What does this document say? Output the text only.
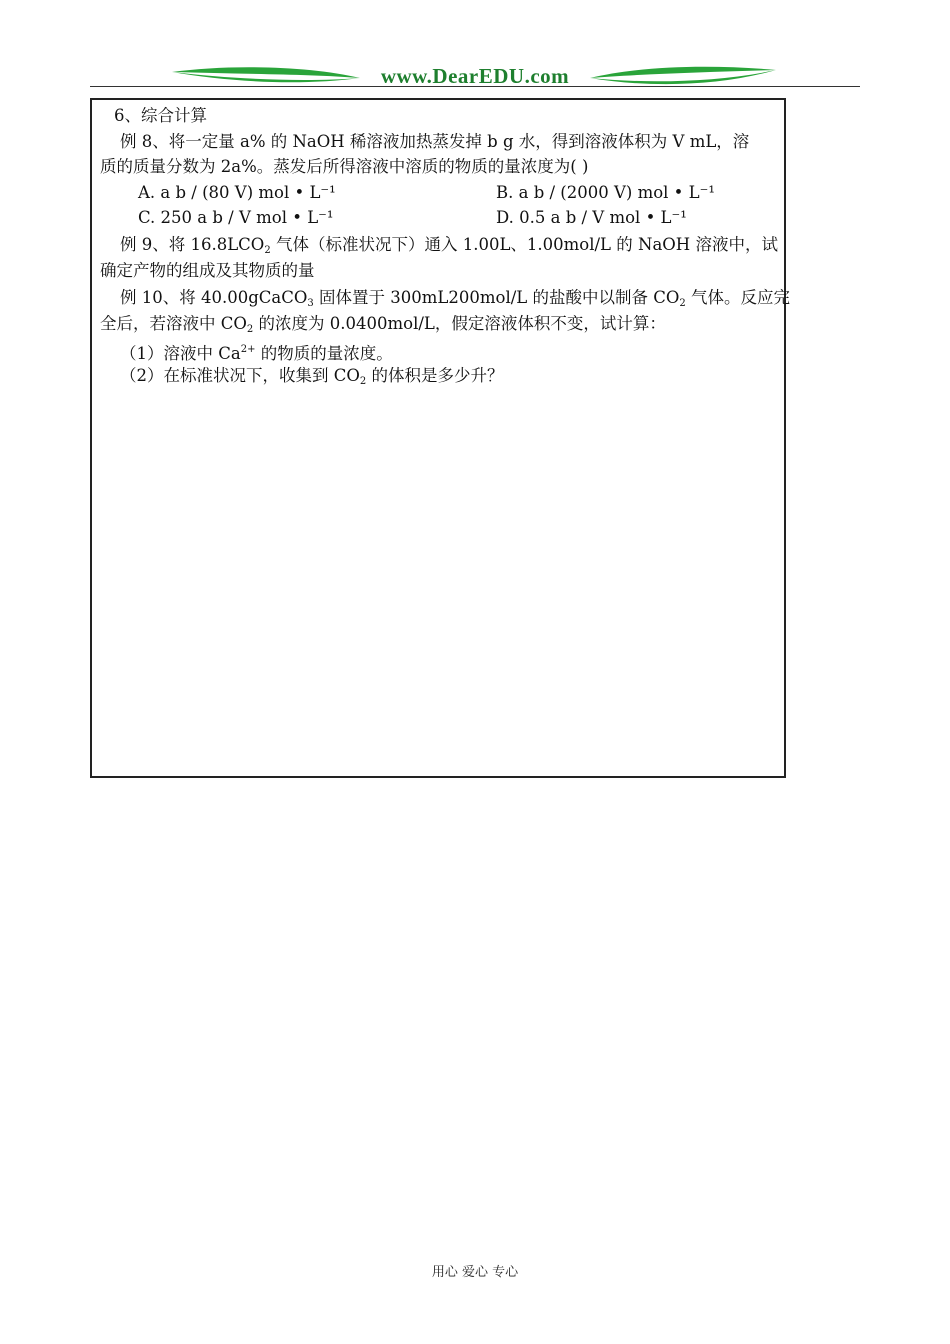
www.DearEDU.com
6、综合计算
例 8、将一定量 a% 的 NaOH 稀溶液加热蒸发掉 b g 水，得到溶液体积为 V mL，溶
质的质量分数为 2a%。蒸发后所得溶液中溶质的物质的量浓度为( )
A. a b / (80 V) mol • L⁻¹	B. a b / (2000 V) mol • L⁻¹
C. 250 a b / V mol • L⁻¹	D. 0.5 a b / V mol • L⁻¹
例 9、将 $16.8LCO_2$ 气体（标准状况下）通入 1.00L、1.00mol/L 的 NaOH 溶液中，试
确定产物的组成及其物质的量
例 10、将 40.00gCaCO$_3$ 固体置于 300mL200mol/L 的盐酸中以制备 $CO_2$ 气体。反应完
全后，若溶液中 $CO_2$ 的浓度为 0.0400mol/L，假定溶液体积不变，试计算：
（1）溶液中 $Ca^{2+}$ 的物质的量浓度。
（2）在标准状况下，收集到 $CO_2$ 的体积是多少升？
用心 爱心 专心
